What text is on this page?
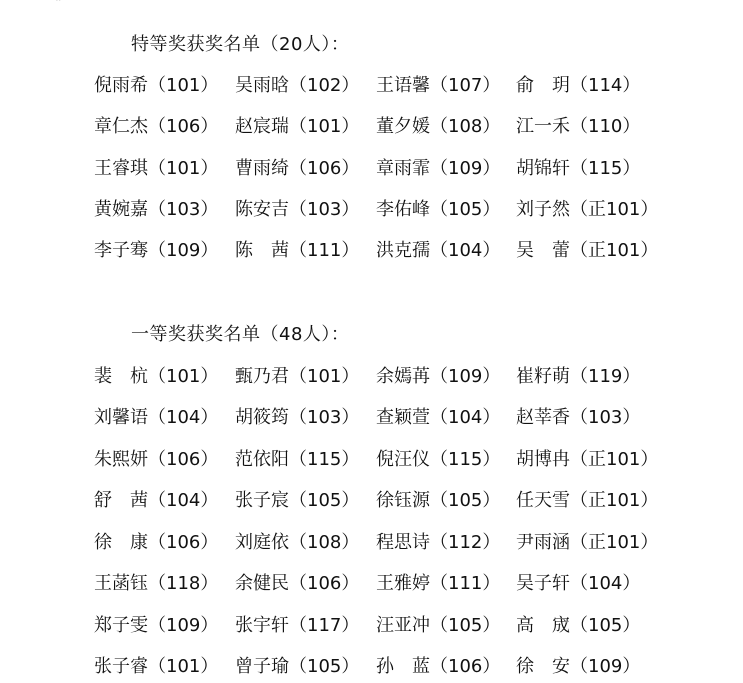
⠉
特等奖获奖名单（20人）：
倪雨希（101） 吴雨晗（102） 王语馨（107） 俞　玥（114）
章仁杰（106） 赵宸瑞（101） 董夕媛（108） 江一禾（110）
王睿琪（101） 曹雨绮（106） 章雨霏（109） 胡锦轩（115）
黄婉嘉（103） 陈安吉（103） 李佑峰（105） 刘子然（正101）
李子骞（109） 陈　茜（111） 洪克孺（104） 吴　蕾（正101）
一等奖获奖名单（48人）：
裴　杭（101） 甄乃君（101） 余嫣苒（109） 崔籽萌（119）
刘馨语（104） 胡筱筠（103） 查颖萱（104） 赵莘香（103）
朱熙妍（106） 范依阳（115） 倪汪仪（115） 胡博冉（正101）
舒　茜（104） 张子宸（105） 徐钰源（105） 任天雪（正101）
徐　康（106） 刘庭依（108） 程思诗（112） 尹雨涵（正101）
王菡钰（118） 余健民（106） 王雅婷（111） 吴子轩（104）
郑子雯（109） 张宇轩（117） 汪亚冲（105） 高　宬（105）
张子睿（101） 曾子瑜（105） 孙　蓝（106） 徐　安（109）
